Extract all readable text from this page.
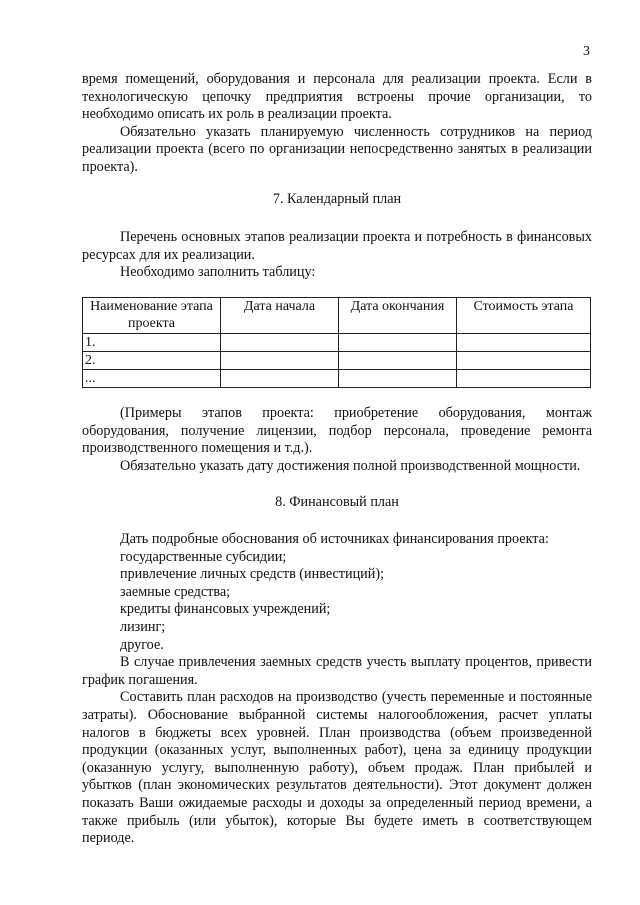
3

время помещений, оборудования и персонала для реализации проекта. Если в технологическую цепочку предприятия встроены прочие организации, то необходимо описать их роль в реализации проекта.

Обязательно указать планируемую численность сотрудников на период реализации проекта (всего по организации непосредственно занятых в реализации проекта).

7. Календарный план

Перечень основных этапов реализации проекта и потребность в финансовых ресурсах для их реализации.

Необходимо заполнить таблицу:

Наименование этапа проекта	Дата начала	Дата окончания	Стоимость этапа
1.			
2.			
...			

(Примеры этапов проекта: приобретение оборудования, монтаж оборудования, получение лицензии, подбор персонала, проведение ремонта производственного помещения и т.д.).

Обязательно указать дату достижения полной производственной мощности.

8. Финансовый план

Дать подробные обоснования об источниках финансирования проекта:

государственные субсидии;

привлечение личных средств (инвестиций);

заемные средства;

кредиты финансовых учреждений;

лизинг;

другое.

В случае привлечения заемных средств учесть выплату процентов, привести график погашения.

Составить план расходов на производство (учесть переменные и постоянные затраты). Обоснование выбранной системы налогообложения, расчет уплаты налогов в бюджеты всех уровней. План производства (объем произведенной продукции (оказанных услуг, выполненных работ), цена за единицу продукции (оказанную услугу, выполненную работу), объем продаж. План прибылей и убытков (план экономических результатов деятельности). Этот документ должен показать Ваши ожидаемые расходы и доходы за определенный период времени, а также прибыль (или убыток), которые Вы будете иметь в соответствующем периоде.
